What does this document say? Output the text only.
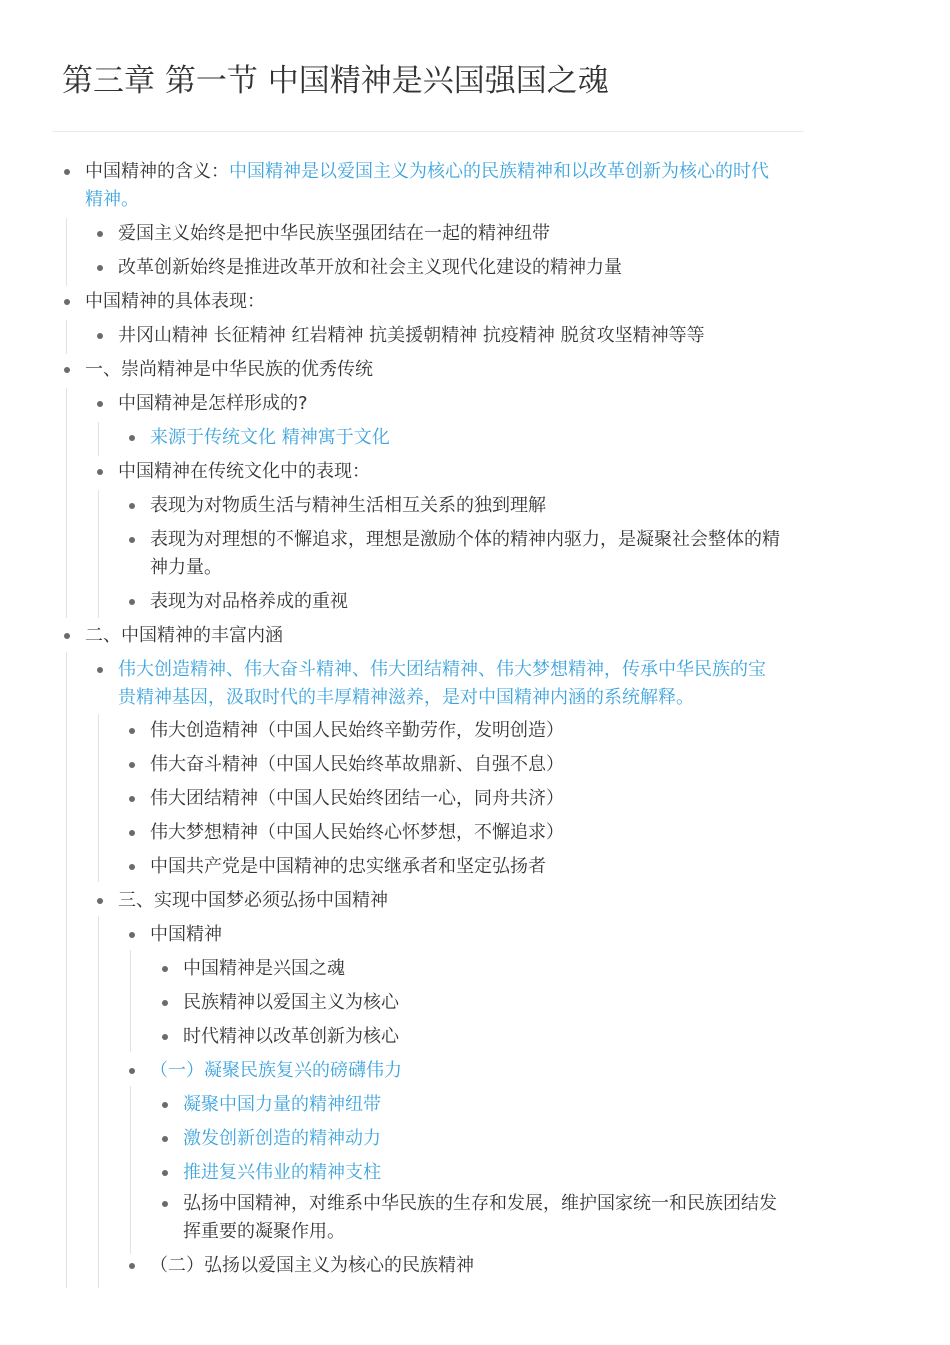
第三章 第一节 中国精神是兴国强国之魂
中国精神的含义：中国精神是以爱国主义为核心的民族精神和以改革创新为核心的时代
精神。
爱国主义始终是把中华民族坚强团结在一起的精神纽带
改革创新始终是推进改革开放和社会主义现代化建设的精神力量
中国精神的具体表现：
井冈山精神 长征精神 红岩精神 抗美援朝精神 抗疫精神 脱贫攻坚精神等等
一、崇尚精神是中华民族的优秀传统
中国精神是怎样形成的?
来源于传统文化 精神寓于文化
中国精神在传统文化中的表现：
表现为对物质生活与精神生活相互关系的独到理解
表现为对理想的不懈追求，理想是激励个体的精神内驱力，是凝聚社会整体的精
神力量。
表现为对品格养成的重视
二、中国精神的丰富内涵
伟大创造精神、伟大奋斗精神、伟大团结精神、伟大梦想精神，传承中华民族的宝
贵精神基因，汲取时代的丰厚精神滋养，是对中国精神内涵的系统解释。
伟大创造精神（中国人民始终辛勤劳作，发明创造）
伟大奋斗精神（中国人民始终革故鼎新、自强不息）
伟大团结精神（中国人民始终团结一心，同舟共济）
伟大梦想精神（中国人民始终心怀梦想，不懈追求）
中国共产党是中国精神的忠实继承者和坚定弘扬者
三、实现中国梦必须弘扬中国精神
中国精神
中国精神是兴国之魂
民族精神以爱国主义为核心
时代精神以改革创新为核心
（一）凝聚民族复兴的磅礴伟力
凝聚中国力量的精神纽带
激发创新创造的精神动力
推进复兴伟业的精神支柱
弘扬中国精神，对维系中华民族的生存和发展，维护国家统一和民族团结发
挥重要的凝聚作用。
（二）弘扬以爱国主义为核心的民族精神
